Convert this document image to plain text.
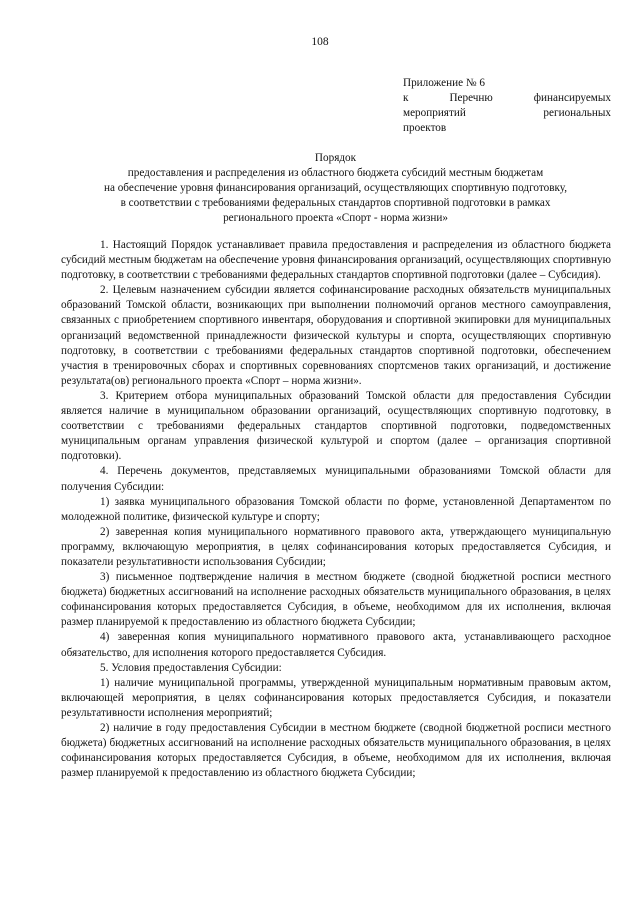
108
Приложение № 6
к Перечню финансируемых
мероприятий региональных
проектов
Порядок
предоставления и распределения из областного бюджета субсидий местным бюджетам
на обеспечение уровня финансирования организаций, осуществляющих спортивную подготовку,
в соответствии с требованиями федеральных стандартов спортивной подготовки в рамках
регионального проекта «Спорт - норма жизни»

1. Настоящий Порядок устанавливает правила предоставления и распределения из областного бюджета субсидий местным бюджетам на обеспечение уровня финансирования организаций, осуществляющих спортивную подготовку, в соответствии с требованиями федеральных стандартов спортивной подготовки (далее – Субсидия).

2. Целевым назначением субсидии является софинансирование расходных обязательств муниципальных образований Томской области, возникающих при выполнении полномочий органов местного самоуправления, связанных с приобретением спортивного инвентаря, оборудования и спортивной экипировки для муниципальных организаций ведомственной принадлежности физической культуры и спорта, осуществляющих спортивную подготовку, в соответствии с требованиями федеральных стандартов спортивной подготовки, обеспечением участия в тренировочных сборах и спортивных соревнованиях спортсменов таких организаций, и достижение результата(ов) регионального проекта «Спорт – норма жизни».

3. Критерием отбора муниципальных образований Томской области для предоставления Субсидии является наличие в муниципальном образовании организаций, осуществляющих спортивную подготовку, в соответствии с требованиями федеральных стандартов спортивной подготовки, подведомственных муниципальным органам управления физической культурой и спортом (далее – организация спортивной подготовки).

4. Перечень документов, представляемых муниципальными образованиями Томской области для получения Субсидии:

1) заявка муниципального образования Томской области по форме, установленной Департаментом по молодежной политике, физической культуре и спорту;

2) заверенная копия муниципального нормативного правового акта, утверждающего муниципальную программу, включающую мероприятия, в целях софинансирования которых предоставляется Субсидия, и показатели результативности использования Субсидии;

3) письменное подтверждение наличия в местном бюджете (сводной бюджетной росписи местного бюджета) бюджетных ассигнований на исполнение расходных обязательств муниципального образования, в целях софинансирования которых предоставляется Субсидия, в объеме, необходимом для их исполнения, включая размер планируемой к предоставлению из областного бюджета Субсидии;

4) заверенная копия муниципального нормативного правового акта, устанавливающего расходное обязательство, для исполнения которого предоставляется Субсидия.

5. Условия предоставления Субсидии:

1) наличие муниципальной программы, утвержденной муниципальным нормативным правовым актом, включающей мероприятия, в целях софинансирования которых предоставляется Субсидия, и показатели результативности исполнения мероприятий;

2) наличие в году предоставления Субсидии в местном бюджете (сводной бюджетной росписи местного бюджета) бюджетных ассигнований на исполнение расходных обязательств муниципального образования, в целях софинансирования которых предоставляется Субсидия, в объеме, необходимом для их исполнения, включая размер планируемой к предоставлению из областного бюджета Субсидии;
